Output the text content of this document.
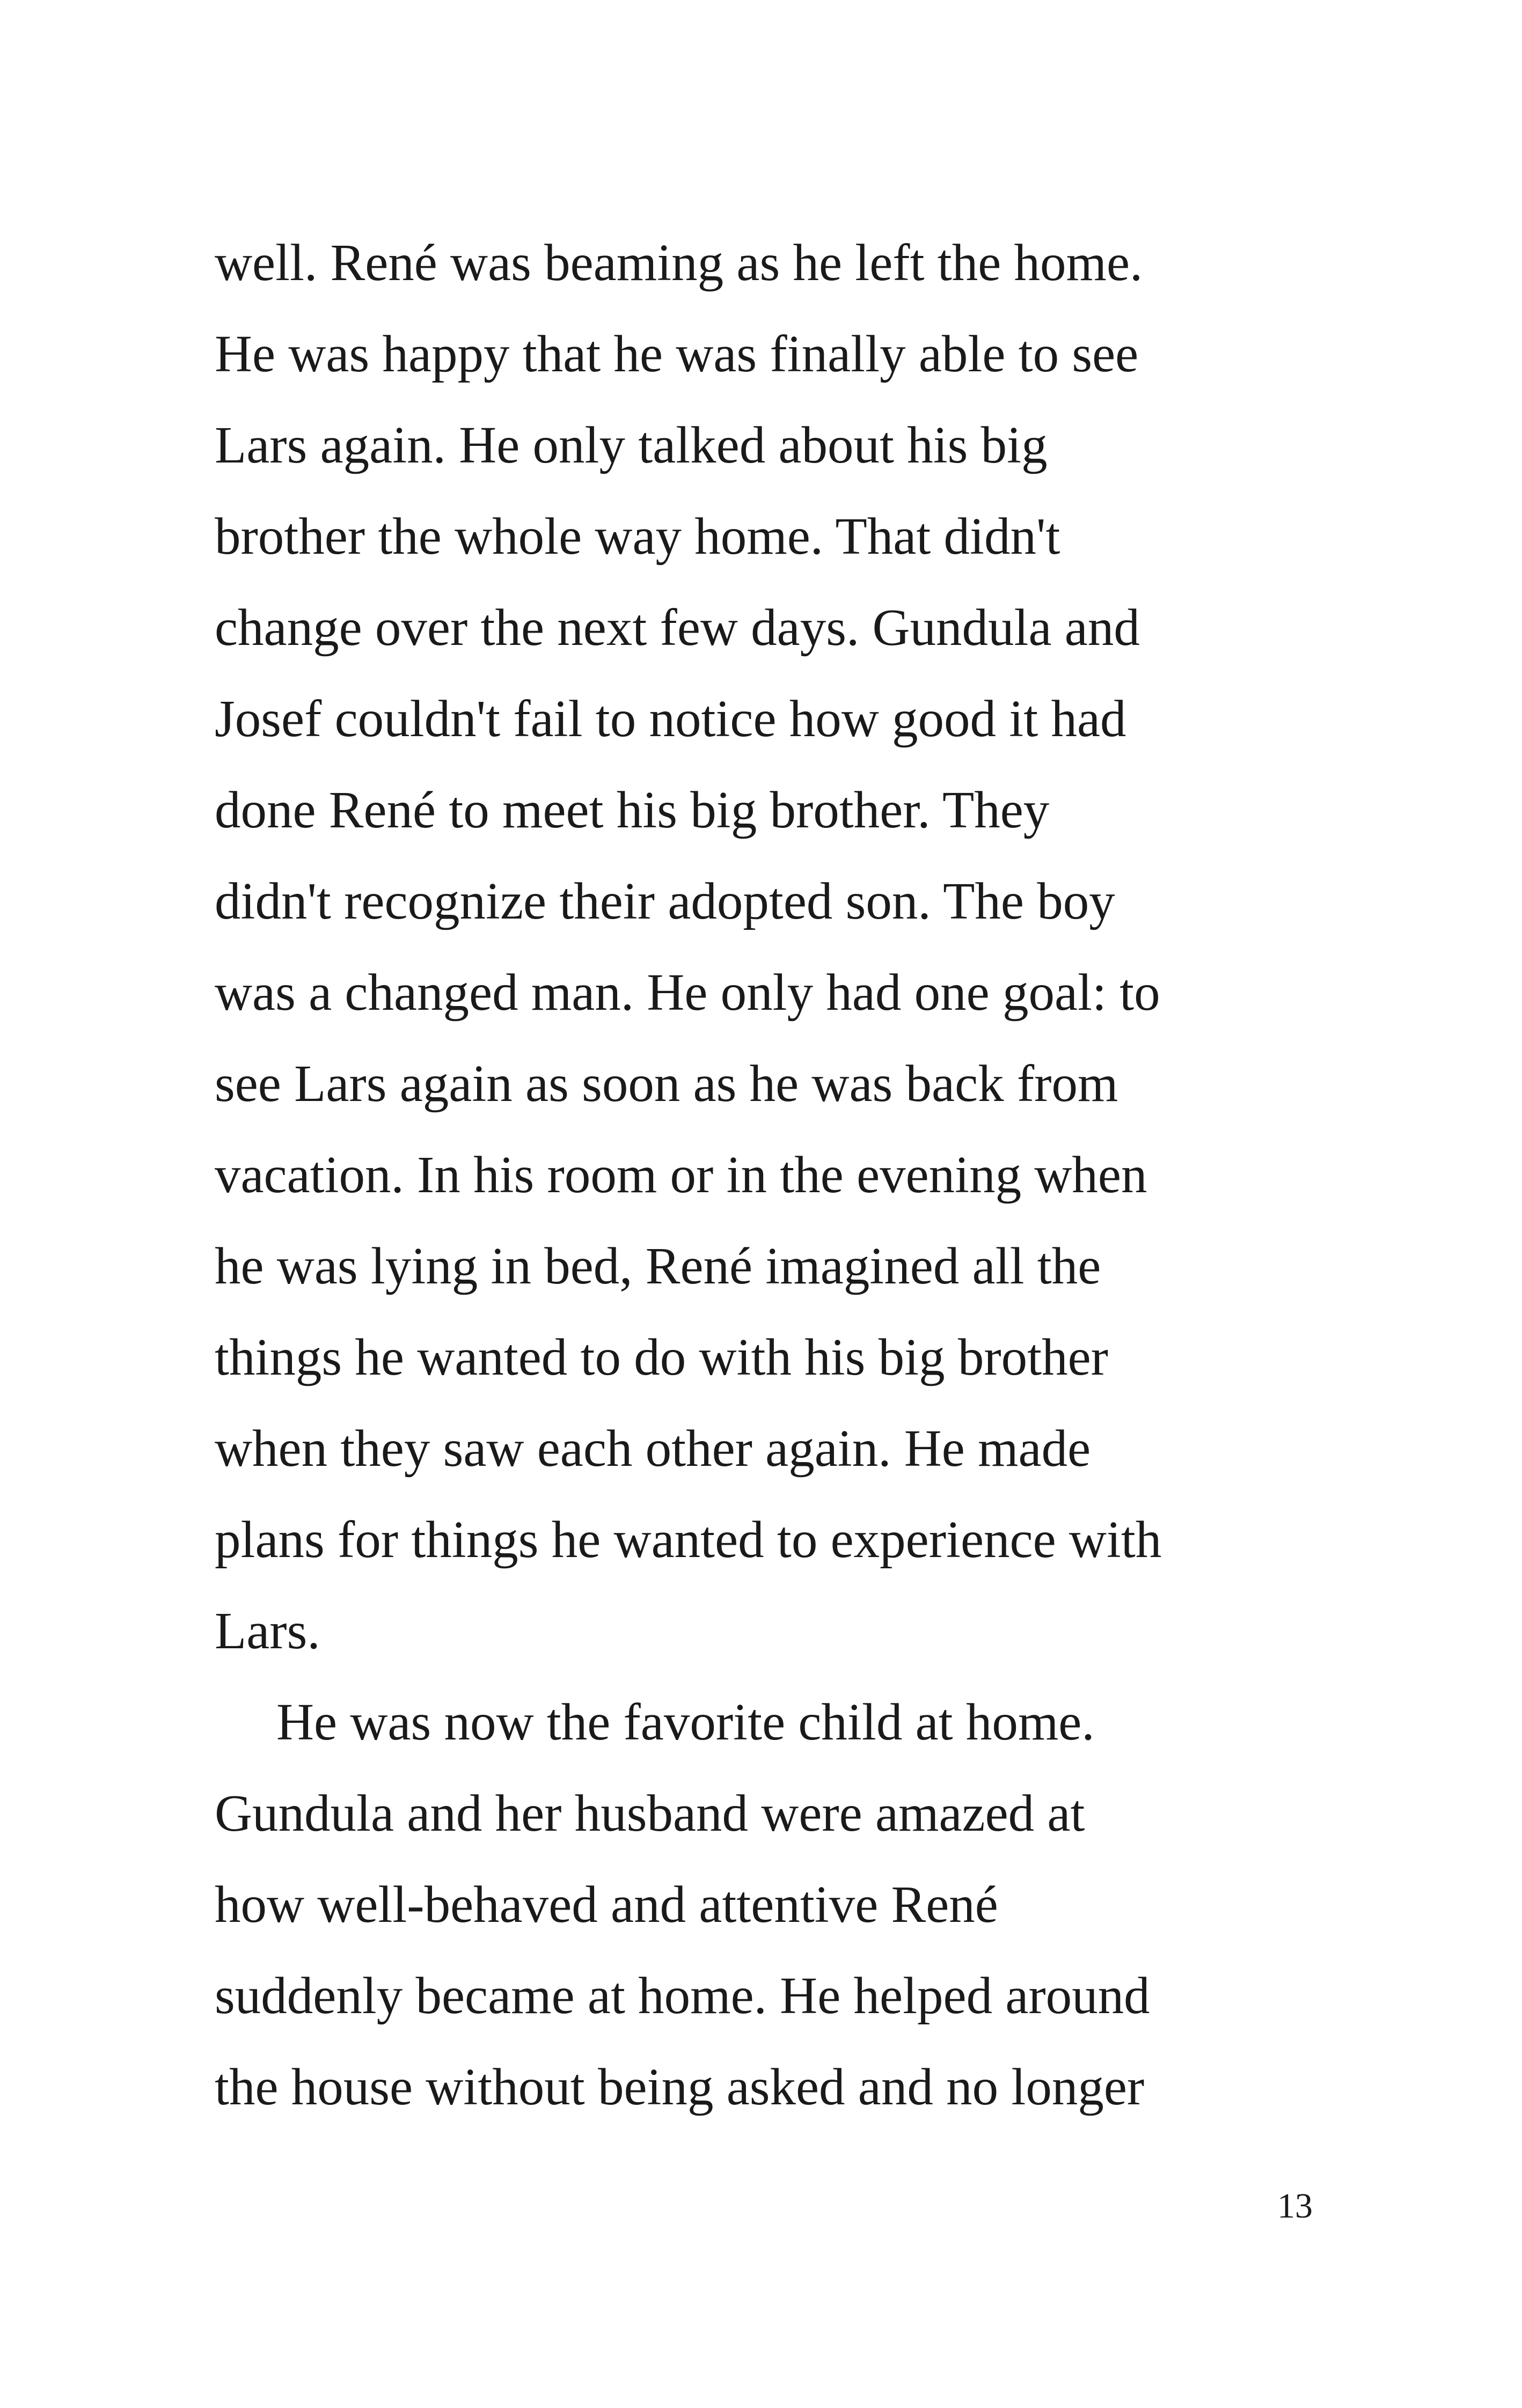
well. René was beaming as he left the home.
He was happy that he was finally able to see
Lars again. He only talked about his big
brother the whole way home. That didn't
change over the next few days. Gundula and
Josef couldn't fail to notice how good it had
done René to meet his big brother. They
didn't recognize their adopted son. The boy
was a changed man. He only had one goal: to
see Lars again as soon as he was back from
vacation. In his room or in the evening when
he was lying in bed, René imagined all the
things he wanted to do with his big brother
when they saw each other again. He made
plans for things he wanted to experience with
Lars.
He was now the favorite child at home.
Gundula and her husband were amazed at
how well-behaved and attentive René
suddenly became at home. He helped around
the house without being asked and no longer
13
